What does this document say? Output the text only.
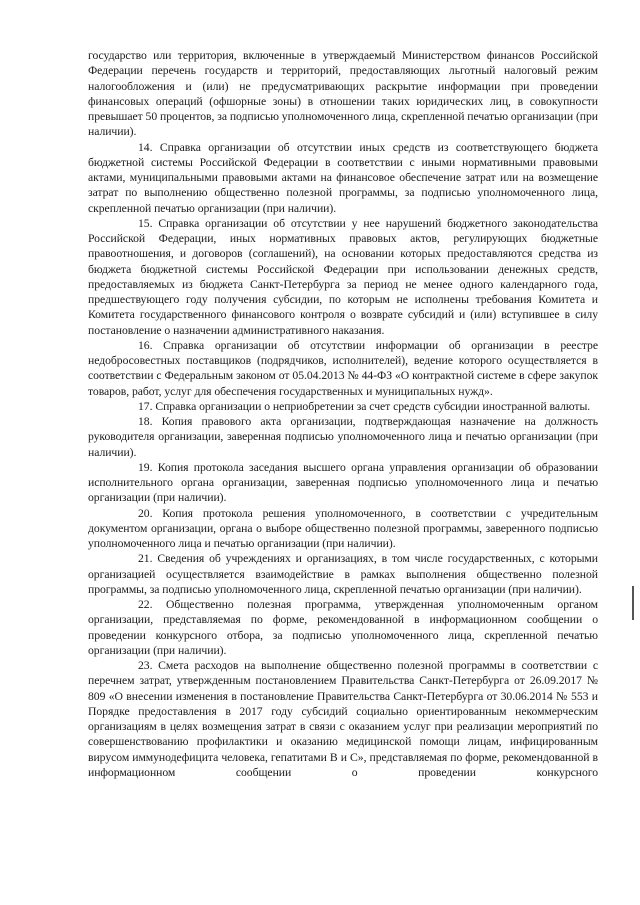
государство или территория, включенные в утверждаемый Министерством финансов Российской Федерации перечень государств и территорий, предоставляющих льготный налоговый режим налогообложения и (или) не предусматривающих раскрытие информации при проведении финансовых операций (офшорные зоны) в отношении таких юридических лиц, в совокупности превышает 50 процентов, за подписью уполномоченного лица, скрепленной печатью организации (при наличии).

14. Справка организации об отсутствии иных средств из соответствующего бюджета бюджетной системы Российской Федерации в соответствии с иными нормативными правовыми актами, муниципальными правовыми актами на финансовое обеспечение затрат или на возмещение затрат по выполнению общественно полезной программы, за подписью уполномоченного лица, скрепленной печатью организации (при наличии).

15. Справка организации об отсутствии у нее нарушений бюджетного законодательства Российской Федерации, иных нормативных правовых актов, регулирующих бюджетные правоотношения, и договоров (соглашений), на основании которых предоставляются средства из бюджета бюджетной системы Российской Федерации при использовании денежных средств, предоставляемых из бюджета Санкт-Петербурга за период не менее одного календарного года, предшествующего году получения субсидии, по которым не исполнены требования Комитета и Комитета государственного финансового контроля о возврате субсидий и (или) вступившее в силу постановление о назначении административного наказания.

16. Справка организации об отсутствии информации об организации в реестре недобросовестных поставщиков (подрядчиков, исполнителей), ведение которого осуществляется в соответствии с Федеральным законом от 05.04.2013 № 44-ФЗ «О контрактной системе в сфере закупок товаров, работ, услуг для обеспечения государственных и муниципальных нужд».

17. Справка организации о неприобретении за счет средств субсидии иностранной валюты.

18. Копия правового акта организации, подтверждающая назначение на должность руководителя организации, заверенная подписью уполномоченного лица и печатью организации (при наличии).

19. Копия протокола заседания высшего органа управления организации об образовании исполнительного органа организации, заверенная подписью уполномоченного лица и печатью организации (при наличии).

20. Копия протокола решения уполномоченного, в соответствии с учредительным документом организации, органа о выборе общественно полезной программы, заверенного подписью уполномоченного лица и печатью организации (при наличии).

21. Сведения об учреждениях и организациях, в том числе государственных, с которыми организацией осуществляется взаимодействие в рамках выполнения общественно полезной программы, за подписью уполномоченного лица, скрепленной печатью организации (при наличии).

22. Общественно полезная программа, утвержденная уполномоченным органом организации, представляемая по форме, рекомендованной в информационном сообщении о проведении конкурсного отбора, за подписью уполномоченного лица, скрепленной печатью организации (при наличии).

23. Смета расходов на выполнение общественно полезной программы в соответствии с перечнем затрат, утвержденным постановлением Правительства Санкт-Петербурга от 26.09.2017 № 809 «О внесении изменения в постановление Правительства Санкт-Петербурга от 30.06.2014 № 553 и Порядке предоставления в 2017 году субсидий социально ориентированным некоммерческим организациям в целях возмещения затрат в связи с оказанием услуг при реализации мероприятий по совершенствованию профилактики и оказанию медицинской помощи лицам, инфицированным вирусом иммунодефицита человека, гепатитами В и С», представляемая по форме, рекомендованной в информационном сообщении о проведении конкурсного
